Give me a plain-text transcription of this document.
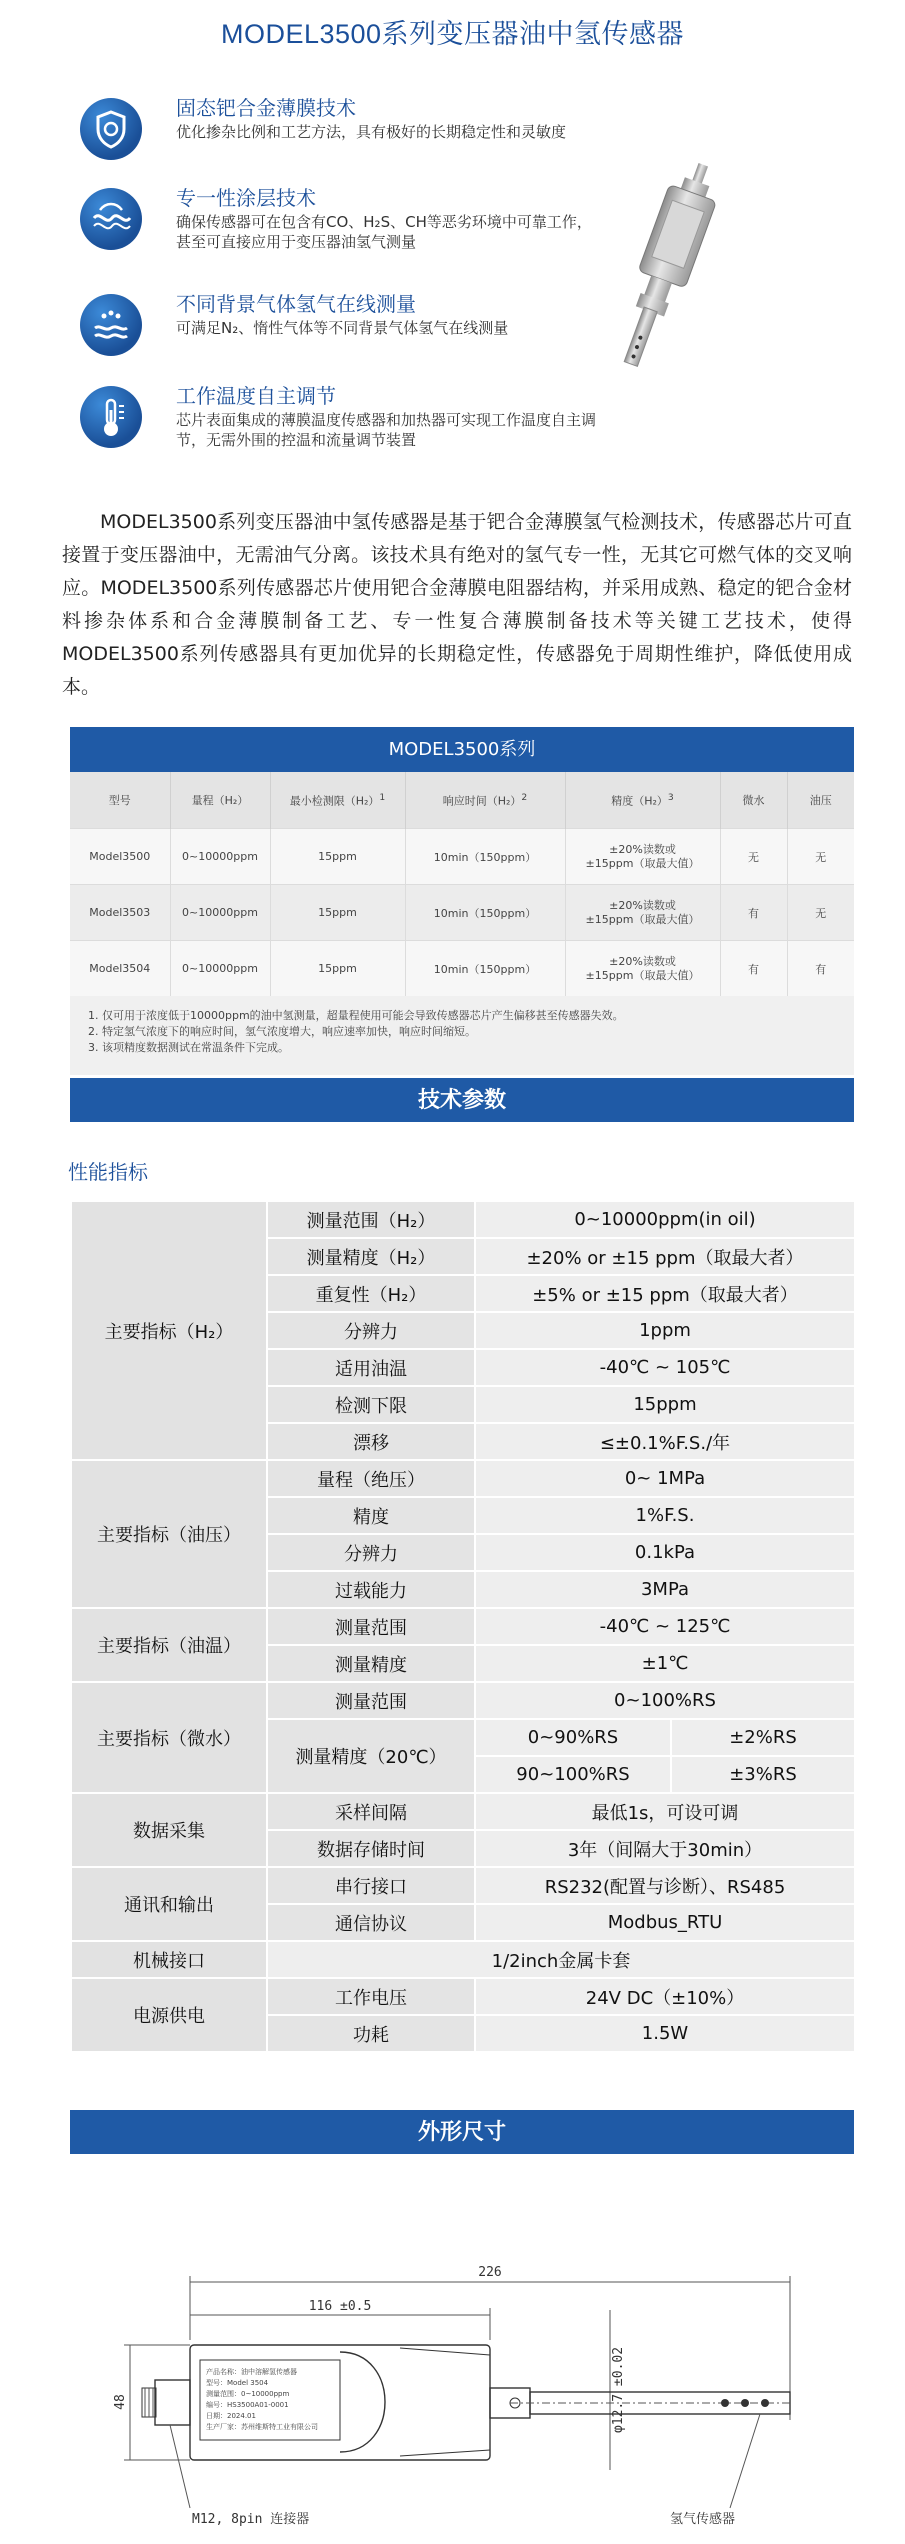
MODEL3500系列变压器油中氢传感器
固态钯合金薄膜技术
优化掺杂比例和工艺方法，具有极好的长期稳定性和灵敏度
专一性涂层技术
确保传感器可在包含有CO、H₂S、CH等恶劣环境中可靠工作，甚至可直接应用于变压器油氢气测量
不同背景气体氢气在线测量
可满足N₂、惰性气体等不同背景气体氢气在线测量
工作温度自主调节
芯片表面集成的薄膜温度传感器和加热器可实现工作温度自主调节，无需外围的控温和流量调节装置
MODEL3500系列变压器油中氢传感器是基于钯合金薄膜氢气检测技术，传感器芯片可直接置于变压器油中，无需油气分离。该技术具有绝对的氢气专一性，无其它可燃气体的交叉响应。MODEL3500系列传感器芯片使用钯合金薄膜电阻器结构，并采用成熟、稳定的钯合金材料掺杂体系和合金薄膜制备工艺、专一性复合薄膜制备技术等关键工艺技术，使得MODEL3500系列传感器具有更加优异的长期稳定性，传感器免于周期性维护，降低使用成本。
MODEL3500系列
型号	量程（H₂）	最小检测限$(H_2)^1$	响应时间$(H_2)^2$	精度$(H_2)^3$	微水	油压
Model3500	0~10000ppm	15ppm	10min（150ppm）	±20%读数或
±15ppm（取最大值）	无	无
Model3503	0~10000ppm	15ppm	10min（150ppm）	±20%读数或
±15ppm（取最大值）	有	无
Model3504	0~10000ppm	15ppm	10min（150ppm）	±20%读数或
±15ppm（取最大值）	有	有
1. 仅可用于浓度低于10000ppm的油中氢测量，超量程使用可能会导致传感器芯片产生偏移甚至传感器失效。
2. 特定氢气浓度下的响应时间，氢气浓度增大，响应速率加快，响应时间缩短。
3. 该项精度数据测试在常温条件下完成。
技术参数
性能指标
主要指标（H₂）	测量范围（H₂）	0~10000ppm(in oil)	
	测量精度（H₂）	±20% or ±15 ppm（取最大者）	
	重复性（H₂）	±5% or ±15 ppm（取最大者）	
	分辨力	1ppm	
	适用油温	-40℃ ~ 105℃	
	检测下限	15ppm	
	漂移	≤±0.1%F.S./年	
主要指标（油压）	量程（绝压）	0~ 1MPa	
	精度	1%F.S.	
	分辨力	0.1kPa	
	过载能力	3MPa	
主要指标（油温）	测量范围	-40℃ ~ 125℃	
	测量精度	±1℃	
主要指标（微水）	测量范围	0~100%RS	
	测量精度（20℃）	0~90%RS	±2%RS
		90~100%RS	±3%RS
数据采集	采样间隔	最低1s，可设可调	
	数据存储时间	3年（间隔大于30min）	
通讯和输出	串行接口	RS232(配置与诊断）、RS485	
	通信协议	Modbus_RTU	
机械接口	1/2inch金属卡套		
电源供电	工作电压	24V DC（±10%）	
	功耗	1.5W	
外形尺寸
226
116 ±0.5
48	φ12.7 ±0.02
M12, 8pin 连接器	氢气传感器
产品名称：油中溶解氢传感器
型号：Model 3504
测量范围：0~10000ppm
编号：HS3500A01-0001
日期：2024.01
生产厂家：苏州维斯特工业有限公司
